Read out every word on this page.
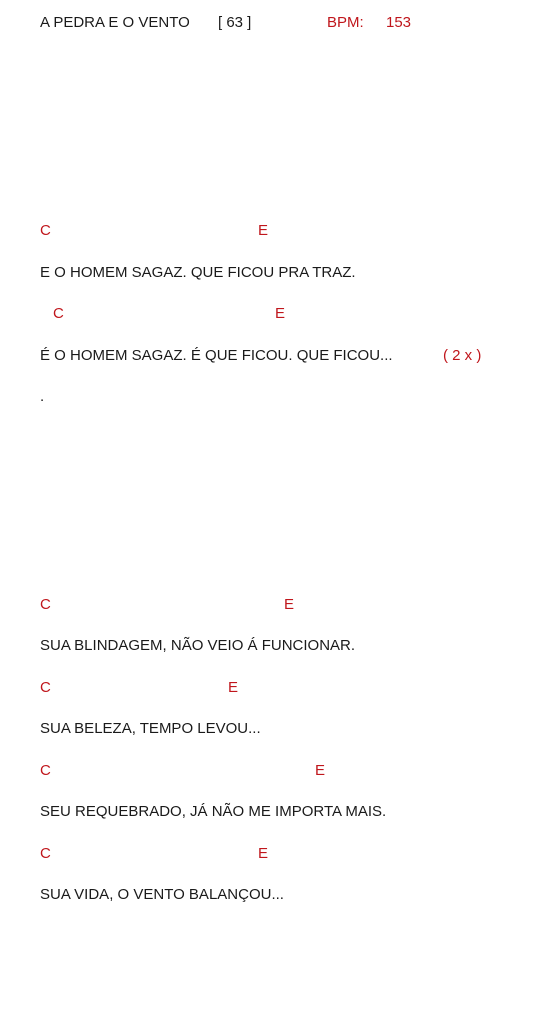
A PEDRA E O VENTO [ 63 ]	BPM: 153
C	E
E O HOMEM SAGAZ. QUE FICOU PRA TRAZ.
C	E
É O HOMEM SAGAZ. É QUE FICOU. QUE FICOU...	( 2 x )
.
C	E
SUA BLINDAGEM, NÃO VEIO Á FUNCIONAR.
C	E
SUA BELEZA, TEMPO LEVOU...
C	E
SEU REQUEBRADO, JÁ NÃO ME IMPORTA MAIS.
C	E
SUA VIDA, O VENTO BALANÇOU...
